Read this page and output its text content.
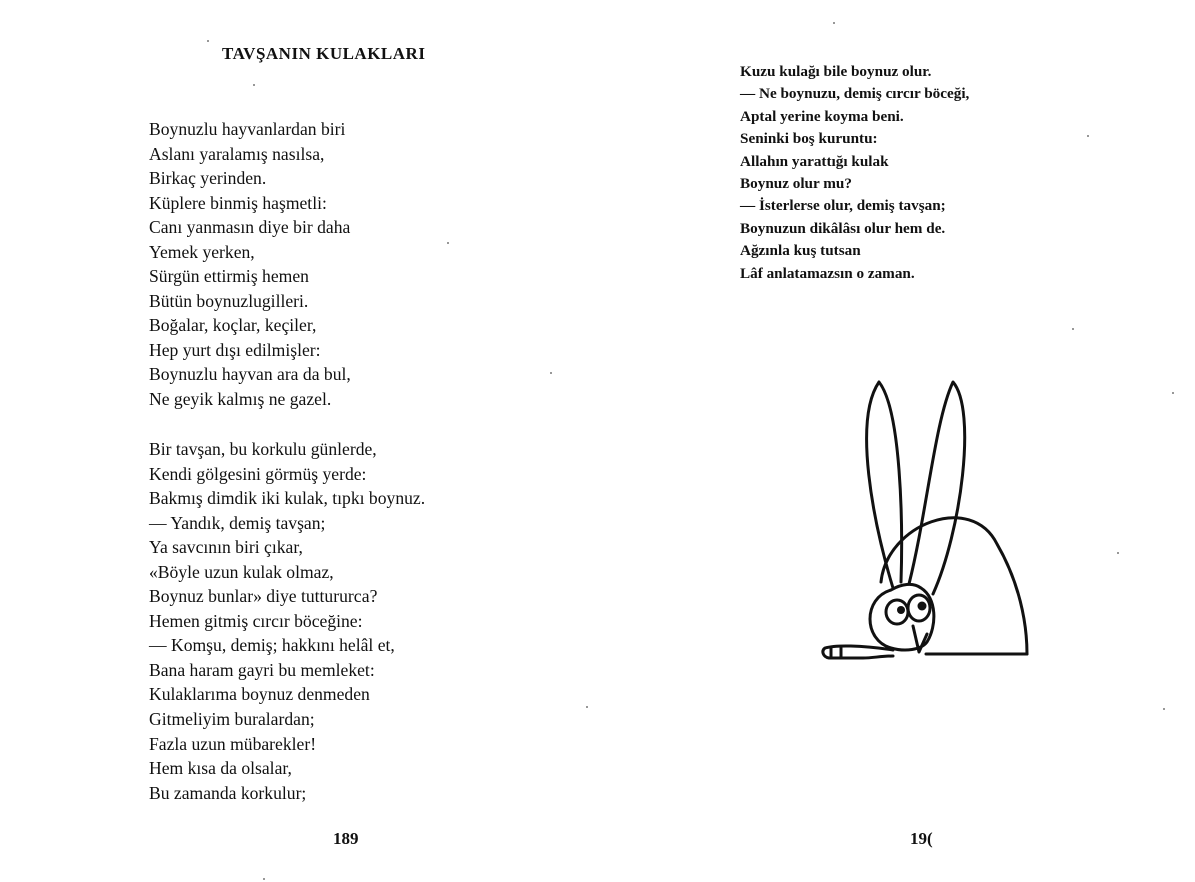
TAVŞANIN KULAKLARI
Boynuzlu hayvanlardan biri
Aslanı yaralamış nasılsa,
Birkaç yerinden.
Küplere binmiş haşmetli:
Canı yanmasın diye bir daha
Yemek yerken,
Sürgün ettirmiş hemen
Bütün boynuzlugilleri.
Boğalar, koçlar, keçiler,
Hep yurt dışı edilmişler:
Boynuzlu hayvan ara da bul,
Ne geyik kalmış ne gazel.
Bir tavşan, bu korkulu günlerde,
Kendi gölgesini görmüş yerde:
Bakmış dimdik iki kulak, tıpkı boynuz.
— Yandık, demiş tavşan;
Ya savcının biri çıkar,
«Böyle uzun kulak olmaz,
Boynuz bunlar» diye tuttururса?
Hemen gitmiş cırcır böceğine:
— Komşu, demiş; hakkını helâl et,
Bana haram gayri bu memleket:
Kulaklarıma boynuz denmeden
Gitmeliyim buralardan;
Fazla uzun mübarekler!
Hem kısa da olsalar,
Bu zamanda korkulur;
189
Kuzu kulağı bile boynuz olur.
— Ne boynuzu, demiş cırcır böceği,
Aptal yerine koyma beni.
Seninki boş kuruntu:
Allahın yarattığı kulak
Boynuz olur mu?
— İsterlerse olur, demiş tavşan;
Boynuzun dikâlâsı olur hem de.
Ağzınla kuş tutsan
Lâf anlatamazsın o zaman.
19(
